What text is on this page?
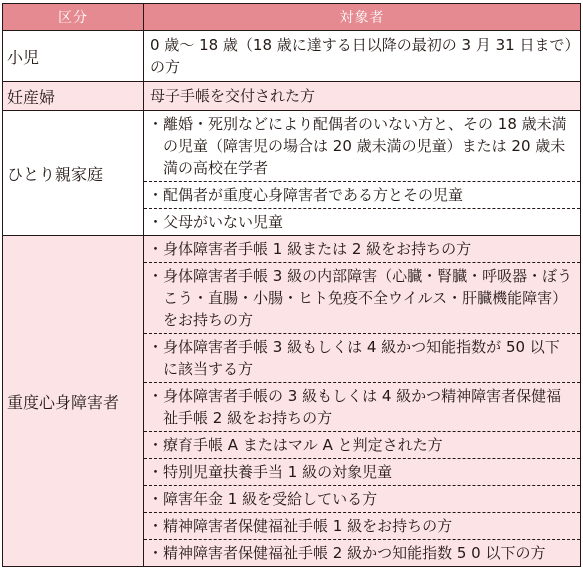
区分	対象者
小児	0 歳〜 18 歳（18 歳に達する日以降の最初の 3 月 31 日まで）の方
妊産婦	母子手帳を交付された方
ひとり親家庭	・ 離婚・死別などにより配偶者のいない方と、その 18 歳未満の児童（障害児の場合は 20 歳未満の児童）または 20 歳未満の高校在学者

	・ 配偶者が重度心身障害者である方とその児童

	・ 父母がいない児童

重度心身障害者	・ 身体障害者手帳 1 級または 2 級をお持ちの方

	・ 身体障害者手帳 3 級の内部障害（心臓・腎臓・呼吸器・ぼうこう・直腸・小腸・ヒト免疫不全ウイルス・肝臓機能障害）をお持ちの方

	・ 身体障害者手帳 3 級もしくは 4 級かつ知能指数が 50 以下に該当する方

	・ 身体障害者手帳の 3 級もしくは 4 級かつ精神障害者保健福祉手帳 2 級をお持ちの方

	・ 療育手帳 A またはマル A と判定された方

	・ 特別児童扶養手当 1 級の対象児童

	・ 障害年金 1 級を受給している方

	・ 精神障害者保健福祉手帳 1 級をお持ちの方

	・ 精神障害者保健福祉手帳 2 級かつ知能指数 5 0 以下の方
